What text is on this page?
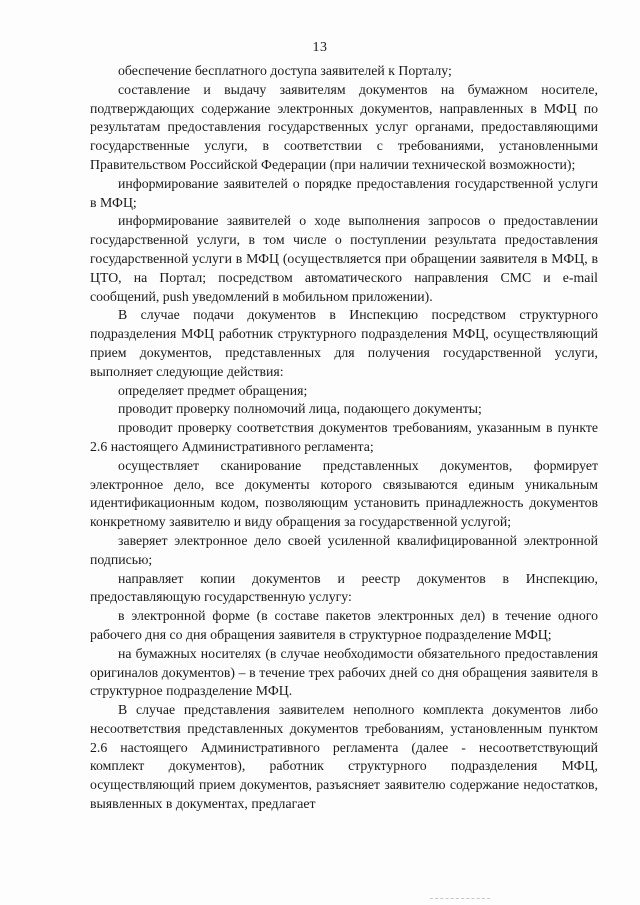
13

обеспечение бесплатного доступа заявителей к Порталу;

составление и выдачу заявителям документов на бумажном носителе, подтверждающих содержание электронных документов, направленных в МФЦ по результатам предоставления государственных услуг органами, предоставляющими государственные услуги, в соответствии с требованиями, установленными Правительством Российской Федерации (при наличии технической возможности);

информирование заявителей о порядке предоставления государственной услуги в МФЦ;

информирование заявителей о ходе выполнения запросов о предоставлении государственной услуги, в том числе о поступлении результата предоставления государственной услуги в МФЦ (осуществляется при обращении заявителя в МФЦ, в ЦТО, на Портал; посредством автоматического направления СМС и e-mail сообщений, push уведомлений в мобильном приложении).

В случае подачи документов в Инспекцию посредством структурного подразделения МФЦ работник структурного подразделения МФЦ, осуществляющий прием документов, представленных для получения государственной услуги, выполняет следующие действия:

определяет предмет обращения;

проводит проверку полномочий лица, подающего документы;

проводит проверку соответствия документов требованиям, указанным в пункте 2.6 настоящего Административного регламента;

осуществляет сканирование представленных документов, формирует электронное дело, все документы которого связываются единым уникальным идентификационным кодом, позволяющим установить принадлежность документов конкретному заявителю и виду обращения за государственной услугой;

заверяет электронное дело своей усиленной квалифицированной электронной подписью;

направляет копии документов и реестр документов в Инспекцию, предоставляющую государственную услугу:

в электронной форме (в составе пакетов электронных дел) в течение одного рабочего дня со дня обращения заявителя в структурное подразделение МФЦ;

на бумажных носителях (в случае необходимости обязательного предоставления оригиналов документов) – в течение трех рабочих дней со дня обращения заявителя в структурное подразделение МФЦ.

В случае представления заявителем неполного комплекта документов либо несоответствия представленных документов требованиям, установленным пунктом 2.6 настоящего Административного регламента (далее - несоответствующий комплект документов), работник структурного подразделения МФЦ, осуществляющий прием документов, разъясняет заявителю содержание недостатков, выявленных в документах, предлагает
